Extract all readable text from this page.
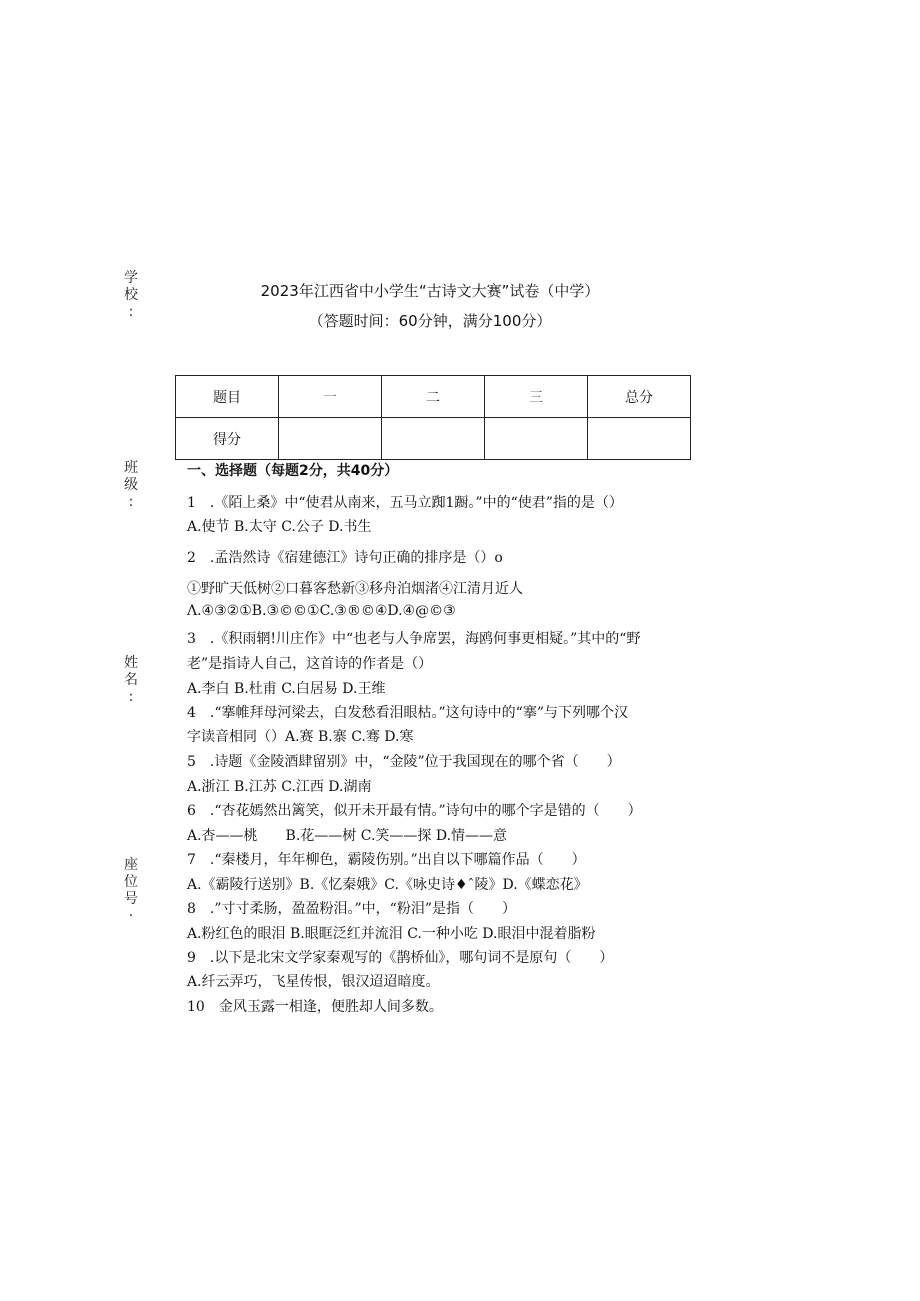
学
校
:
班
级
:
姓
名
:
座
位
号
·
2023年江西省中小学生“古诗文大赛”试卷（中学）
（答题时间：60分钟，满分100分）
题目	一	二	三	总分
得分				
一、选择题（每题2分，共40分）
1　.《陌上桑》中“使君从南来，五马立踟1蹰。”中的“使君”指的是（）
A.使节 B.太守 C.公子 D.书生
2　.孟浩然诗《宿建德江》诗句正确的排序是（）o
①野旷天低树②口暮客愁新③移舟泊烟渚④江清月近人
Λ.④③②①B.③©©①C.③®©④D.④@©③
3　.《积雨辋!川庄作》中“也老与人争席罢，海鸥何事更相疑。”其中的“野
老”是指诗人自己，这首诗的作者是（）
A.李白 B.杜甫 C.白居易 D.王维
4　.“搴帷拜母河梁去，白发愁看泪眼枯。”这句诗中的“搴”与下列哪个汉
字读音相同（）A.赛 B.寨 C.骞 D.寒
5　.诗题《金陵酒肆留别》中，“金陵”位于我国现在的哪个省（　　）
A.浙江 B.江苏 C.江西 D.湖南
6　.“杏花嫣然出篱笑，似开未开最有情。”诗句中的哪个字是错的（　　）
A.杏——桃　　B.花——树 C.笑——探 D.情——意
7　.“秦楼月，年年柳色，霸陵伤别。”出自以下哪篇作品（　　）
A.《霸陵行送别》B.《忆秦娥》C.《咏史诗♦ˆ陵》D.《蝶恋花》
8　.”寸寸柔肠，盈盈粉泪。”中，“粉泪”是指（　　）
A.粉红色的眼泪 B.眼眶泛红并流泪 C.一种小吃 D.眼泪中混着脂粉
9　.以下是北宋文学家秦观写的《鹊桥仙》，哪句词不是原句（　　）
A.纤云弄巧，飞星传恨，银汉迢迢暗度。
10　金风玉露一相逢，便胜却人间多数。
